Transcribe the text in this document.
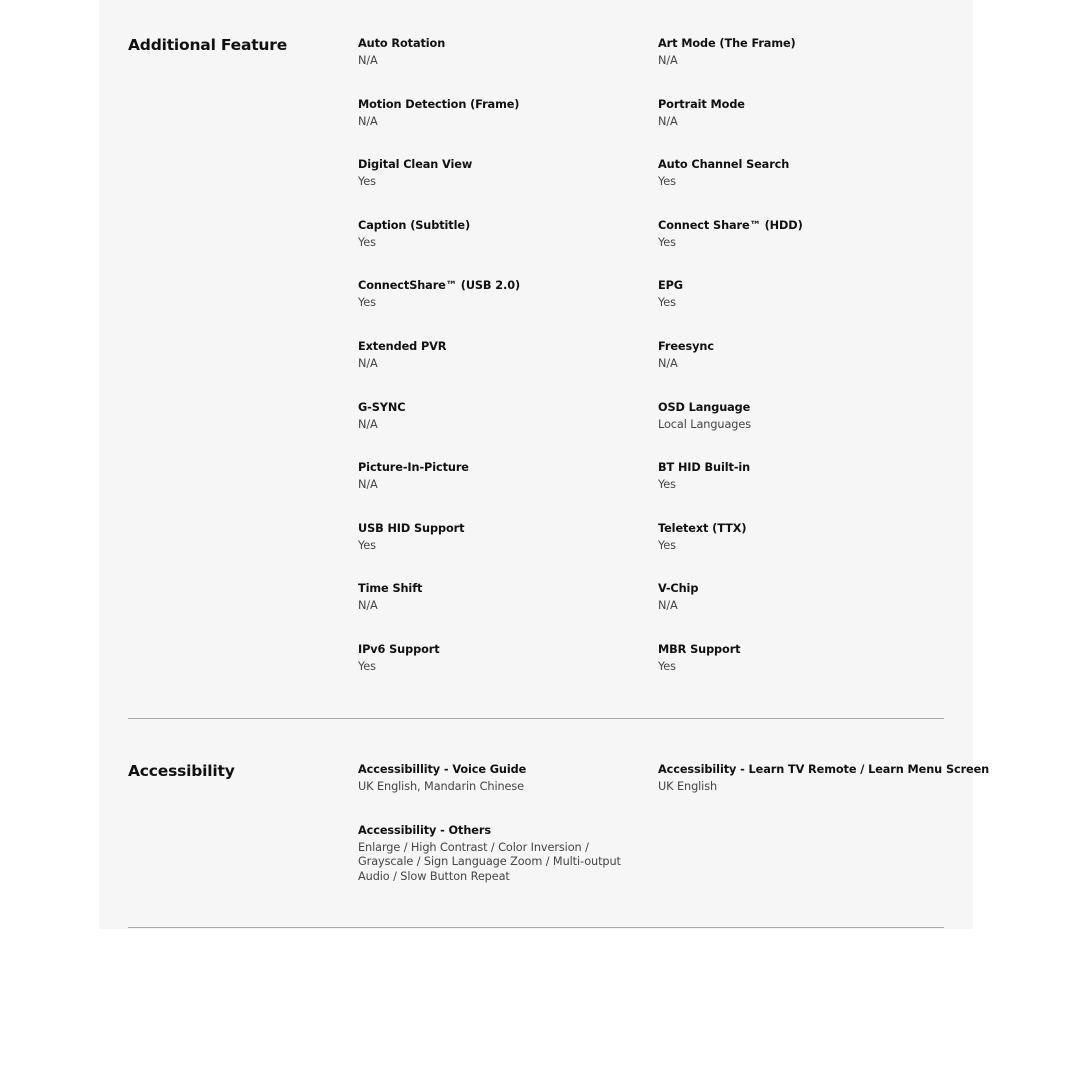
Additional Feature	Auto Rotation
N/A
Art Mode (The Frame)
N/A
Motion Detection (Frame)
N/A
Portrait Mode
N/A
Digital Clean View
Yes
Auto Channel Search
Yes
Caption (Subtitle)
Yes
Connect Share™ (HDD)
Yes
ConnectShare™ (USB 2.0)
Yes
EPG
Yes
Extended PVR
N/A
Freesync
N/A
G-SYNC
N/A
OSD Language
Local Languages
Picture-In-Picture
N/A
BT HID Built-in
Yes
USB HID Support
Yes
Teletext (TTX)
Yes
Time Shift
N/A
V-Chip
N/A
IPv6 Support
Yes
MBR Support
Yes
Accessibility	Accessibillity - Voice Guide
UK English, Mandarin Chinese
Accessibility - Learn TV Remote / Learn Menu Screen
UK English
Accessibility - Others
Enlarge / High Contrast / Color Inversion / Grayscale / Sign Language Zoom / Multi-output Audio / Slow Button Repeat
